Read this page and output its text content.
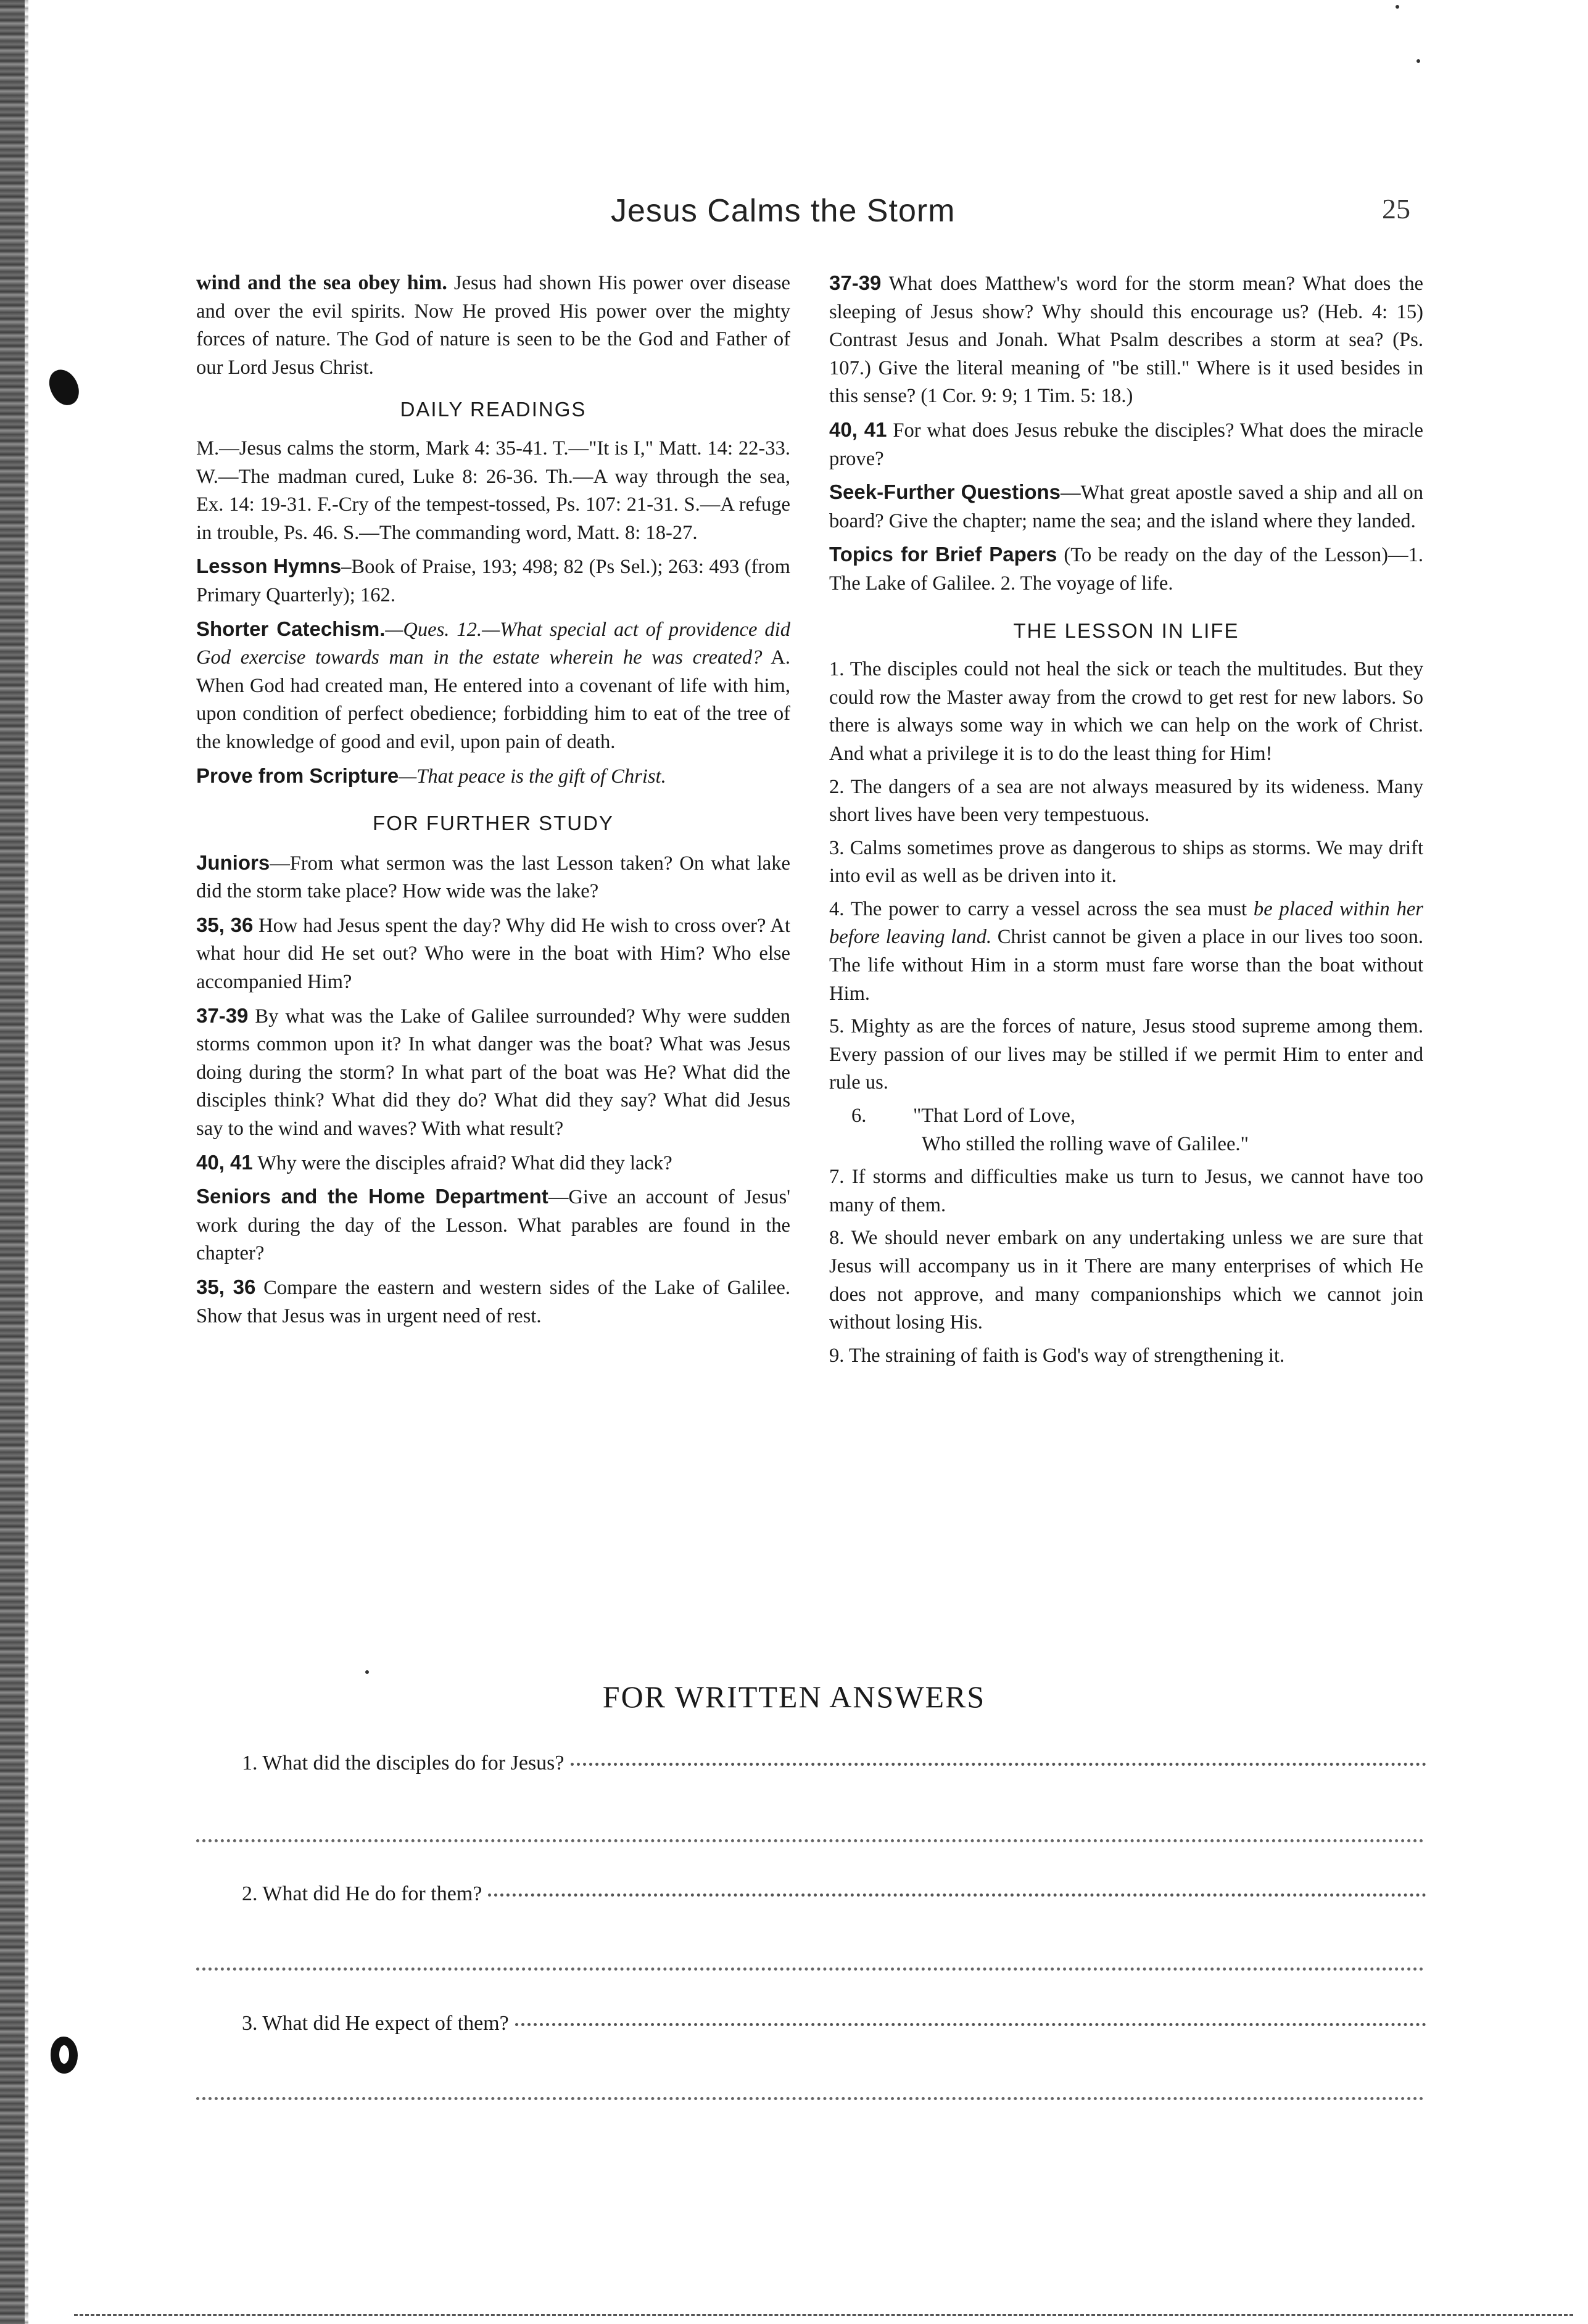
Jesus Calms the Storm	25

wind and the sea obey him. Jesus had shown His power over disease and over the evil spirits. Now He proved His power over the mighty forces of nature. The God of nature is seen to be the God and Father of our Lord Jesus Christ.

DAILY READINGS

M.—Jesus calms the storm, Mark 4: 35-41. T.—"It is I," Matt. 14: 22-33. W.—The madman cured, Luke 8: 26-36. Th.—A way through the sea, Ex. 14: 19-31. F.-Cry of the tempest-tossed, Ps. 107: 21-31. S.—A refuge in trouble, Ps. 46. S.—The commanding word, Matt. 8: 18-27.

Lesson Hymns–Book of Praise, 193; 498; 82 (Ps Sel.); 263: 493 (from Primary Quarterly); 162.

Shorter Catechism.—Ques. 12.—What special act of providence did God exercise towards man in the estate wherein he was created? A. When God had created man, He entered into a covenant of life with him, upon condition of perfect obedience; forbidding him to eat of the tree of the knowledge of good and evil, upon pain of death.

Prove from Scripture—That peace is the gift of Christ.

FOR FURTHER STUDY

Juniors—From what sermon was the last Lesson taken? On what lake did the storm take place? How wide was the lake?

35, 36 How had Jesus spent the day? Why did He wish to cross over? At what hour did He set out? Who were in the boat with Him? Who else accompanied Him?

37-39 By what was the Lake of Galilee surrounded? Why were sudden storms common upon it? In what danger was the boat? What was Jesus doing during the storm? In what part of the boat was He? What did the disciples think? What did they do? What did they say? What did Jesus say to the wind and waves? With what result?

40, 41 Why were the disciples afraid? What did they lack?

Seniors and the Home Department—Give an account of Jesus' work during the day of the Lesson. What parables are found in the chapter?

35, 36 Compare the eastern and western sides of the Lake of Galilee. Show that Jesus was in urgent need of rest.

37-39 What does Matthew's word for the storm mean? What does the sleeping of Jesus show? Why should this encourage us? (Heb. 4: 15) Contrast Jesus and Jonah. What Psalm describes a storm at sea? (Ps. 107.) Give the literal meaning of "be still." Where is it used besides in this sense? (1 Cor. 9: 9; 1 Tim. 5: 18.)

40, 41 For what does Jesus rebuke the disciples? What does the miracle prove?

Seek-Further Questions—What great apostle saved a ship and all on board? Give the chapter; name the sea; and the island where they landed.

Topics for Brief Papers (To be ready on the day of the Lesson)—1. The Lake of Galilee. 2. The voyage of life.

THE LESSON IN LIFE

1. The disciples could not heal the sick or teach the multitudes. But they could row the Master away from the crowd to get rest for new labors. So there is always some way in which we can help on the work of Christ. And what a privilege it is to do the least thing for Him!

2. The dangers of a sea are not always measured by its wideness. Many short lives have been very tempestuous.

3. Calms sometimes prove as dangerous to ships as storms. We may drift into evil as well as be driven into it.

4. The power to carry a vessel across the sea must be placed within her before leaving land. Christ cannot be given a place in our lives too soon. The life without Him in a storm must fare worse than the boat without Him.

5. Mighty as are the forces of nature, Jesus stood supreme among them. Every passion of our lives may be stilled if we permit Him to enter and rule us.

6. "That Lord of Love,
Who stilled the rolling wave of Galilee."

7. If storms and difficulties make us turn to Jesus, we cannot have too many of them.

8. We should never embark on any undertaking unless we are sure that Jesus will accompany us in it There are many enterprises of which He does not approve, and many companionships which we cannot join without losing His.

9. The straining of faith is God's way of strengthening it.

FOR WRITTEN ANSWERS
1. What did the disciples do for Jesus?
2. What did He do for them?
3. What did He expect of them?
